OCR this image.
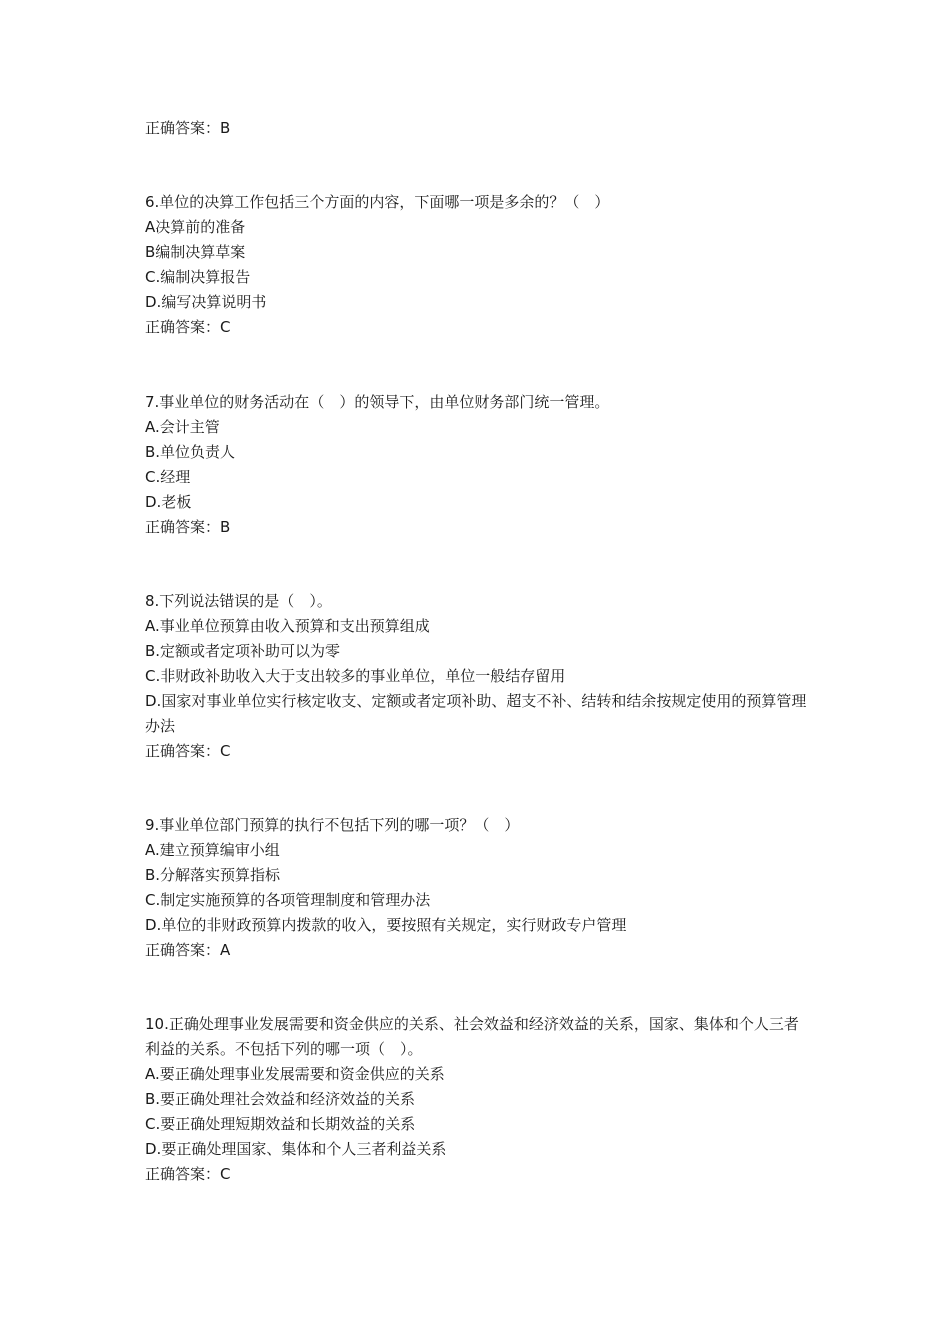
正确答案：B
6.单位的决算工作包括三个方面的内容，下面哪一项是多余的？（　）
A决算前的准备
B编制决算草案
C.编制决算报告
D.编写决算说明书
正确答案：C
7.事业单位的财务活动在（　）的领导下，由单位财务部门统一管理。
A.会计主管
B.单位负责人
C.经理
D.老板
正确答案：B
8.下列说法错误的是（　）。
A.事业单位预算由收入预算和支出预算组成
B.定额或者定项补助可以为零
C.非财政补助收入大于支出较多的事业单位，单位一般结存留用
D.国家对事业单位实行核定收支、定额或者定项补助、超支不补、结转和结余按规定使用的预算管理办法
正确答案：C
9.事业单位部门预算的执行不包括下列的哪一项？（　）
A.建立预算编审小组
B.分解落实预算指标
C.制定实施预算的各项管理制度和管理办法
D.单位的非财政预算内拨款的收入，要按照有关规定，实行财政专户管理
正确答案：A
10.正确处理事业发展需要和资金供应的关系、社会效益和经济效益的关系，国家、集体和个人三者利益的关系。不包括下列的哪一项（　）。
A.要正确处理事业发展需要和资金供应的关系
B.要正确处理社会效益和经济效益的关系
C.要正确处理短期效益和长期效益的关系
D.要正确处理国家、集体和个人三者利益关系
正确答案：C
